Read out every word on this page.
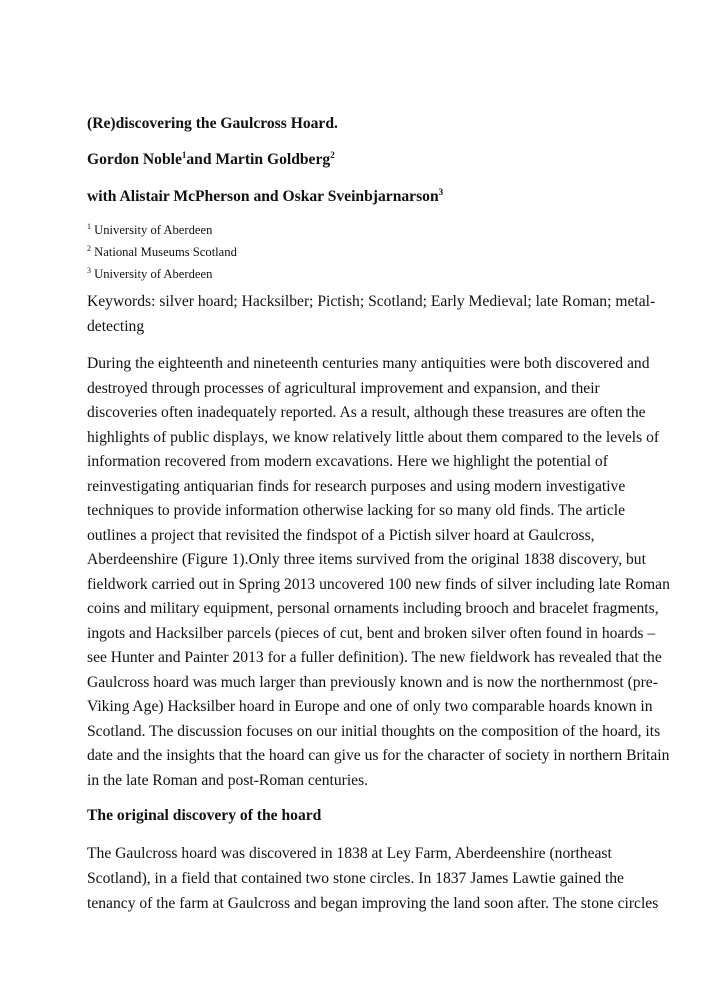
(Re)discovering the Gaulcross Hoard.
Gordon Noble$^1$and Martin Goldberg$^2$
with Alistair McPherson and Oskar Sveinbjarnarson$^3$
$^1$ University of Aberdeen
$^2$ National Museums Scotland
$^3$ University of Aberdeen
Keywords: silver hoard; Hacksilber; Pictish; Scotland; Early Medieval; late Roman; metal-
detecting
During the eighteenth and nineteenth centuries many antiquities were both discovered and
destroyed through processes of agricultural improvement and expansion, and their
discoveries often inadequately reported. As a result, although these treasures are often the
highlights of public displays, we know relatively little about them compared to the levels of
information recovered from modern excavations. Here we highlight the potential of
reinvestigating antiquarian finds for research purposes and using modern investigative
techniques to provide information otherwise lacking for so many old finds. The article
outlines a project that revisited the findspot of a Pictish silver hoard at Gaulcross,
Aberdeenshire (Figure 1).Only three items survived from the original 1838 discovery, but
fieldwork carried out in Spring 2013 uncovered 100 new finds of silver including late Roman
coins and military equipment, personal ornaments including brooch and bracelet fragments,
ingots and Hacksilber parcels (pieces of cut, bent and broken silver often found in hoards –
see Hunter and Painter 2013 for a fuller definition). The new fieldwork has revealed that the
Gaulcross hoard was much larger than previously known and is now the northernmost (pre-
Viking Age) Hacksilber hoard in Europe and one of only two comparable hoards known in
Scotland. The discussion focuses on our initial thoughts on the composition of the hoard, its
date and the insights that the hoard can give us for the character of society in northern Britain
in the late Roman and post-Roman centuries.
The original discovery of the hoard
The Gaulcross hoard was discovered in 1838 at Ley Farm, Aberdeenshire (northeast
Scotland), in a field that contained two stone circles. In 1837 James Lawtie gained the
tenancy of the farm at Gaulcross and began improving the land soon after. The stone circles
